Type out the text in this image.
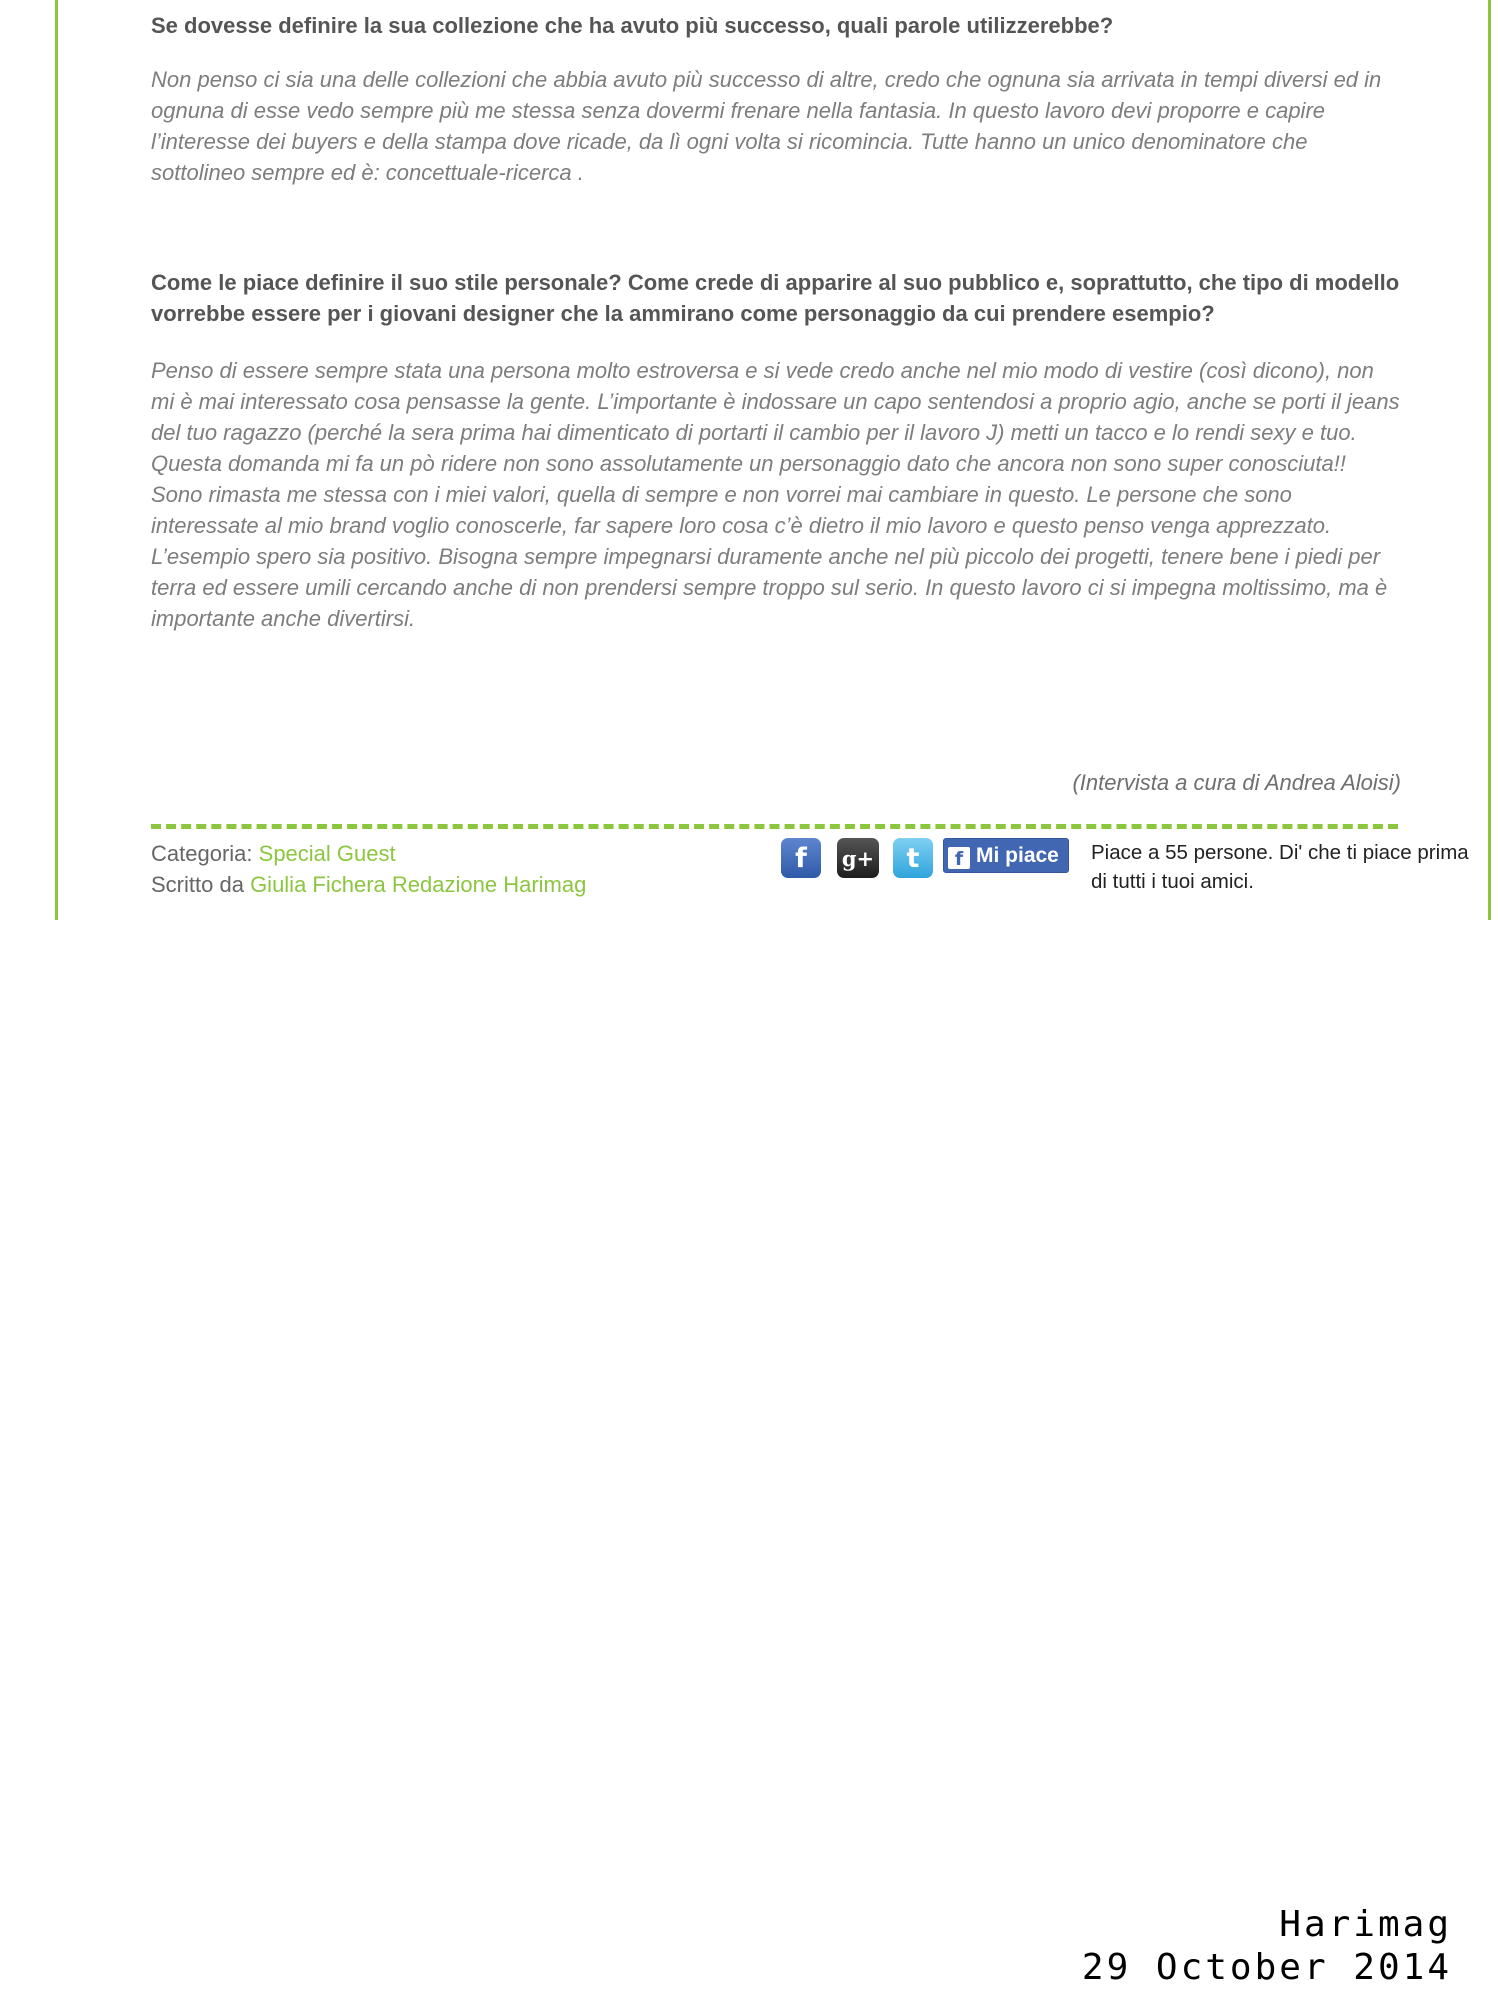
Se dovesse definire la sua collezione che ha avuto più successo, quali parole utilizzerebbe?

Non penso ci sia una delle collezioni che abbia avuto più successo di altre, credo che ognuna sia arrivata in tempi diversi ed in ognuna di esse vedo sempre più me stessa senza dovermi frenare nella fantasia. In questo lavoro devi proporre e capire l’interesse dei buyers e della stampa dove ricade, da lì ogni volta si ricomincia. Tutte hanno un unico denominatore che sottolineo sempre ed è: concettuale-ricerca .

Come le piace definire il suo stile personale? Come crede di apparire al suo pubblico e, soprattutto, che tipo di modello vorrebbe essere per i giovani designer che la ammirano come personaggio da cui prendere esempio?

Penso di essere sempre stata una persona molto estroversa e si vede credo anche nel mio modo di vestire (così dicono), non mi è mai interessato cosa pensasse la gente. L’importante è indossare un capo sentendosi a proprio agio, anche se porti il jeans del tuo ragazzo (perché la sera prima hai dimenticato di portarti il cambio per il lavoro J) metti un tacco e lo rendi sexy e tuo. Questa domanda mi fa un pò ridere non sono assolutamente un personaggio dato che ancora non sono super conosciuta!! Sono rimasta me stessa con i miei valori, quella di sempre e non vorrei mai cambiare in questo. Le persone che sono interessate al mio brand voglio conoscerle, far sapere loro cosa c’è dietro il mio lavoro e questo penso venga apprezzato. L’esempio spero sia positivo. Bisogna sempre impegnarsi duramente anche nel più piccolo dei progetti, tenere bene i piedi per terra ed essere umili cercando anche di non prendersi sempre troppo sul serio. In questo lavoro ci si impegna moltissimo, ma è importante anche divertirsi.

(Intervista a cura di Andrea Aloisi)

Categoria: Special Guest
Scritto da Giulia Fichera Redazione Harimag
f	g+	t	f Mi piace	Piace a 55 persone. Di' che ti piace prima di tutti i tuoi amici.
Harimag
29 October 2014
